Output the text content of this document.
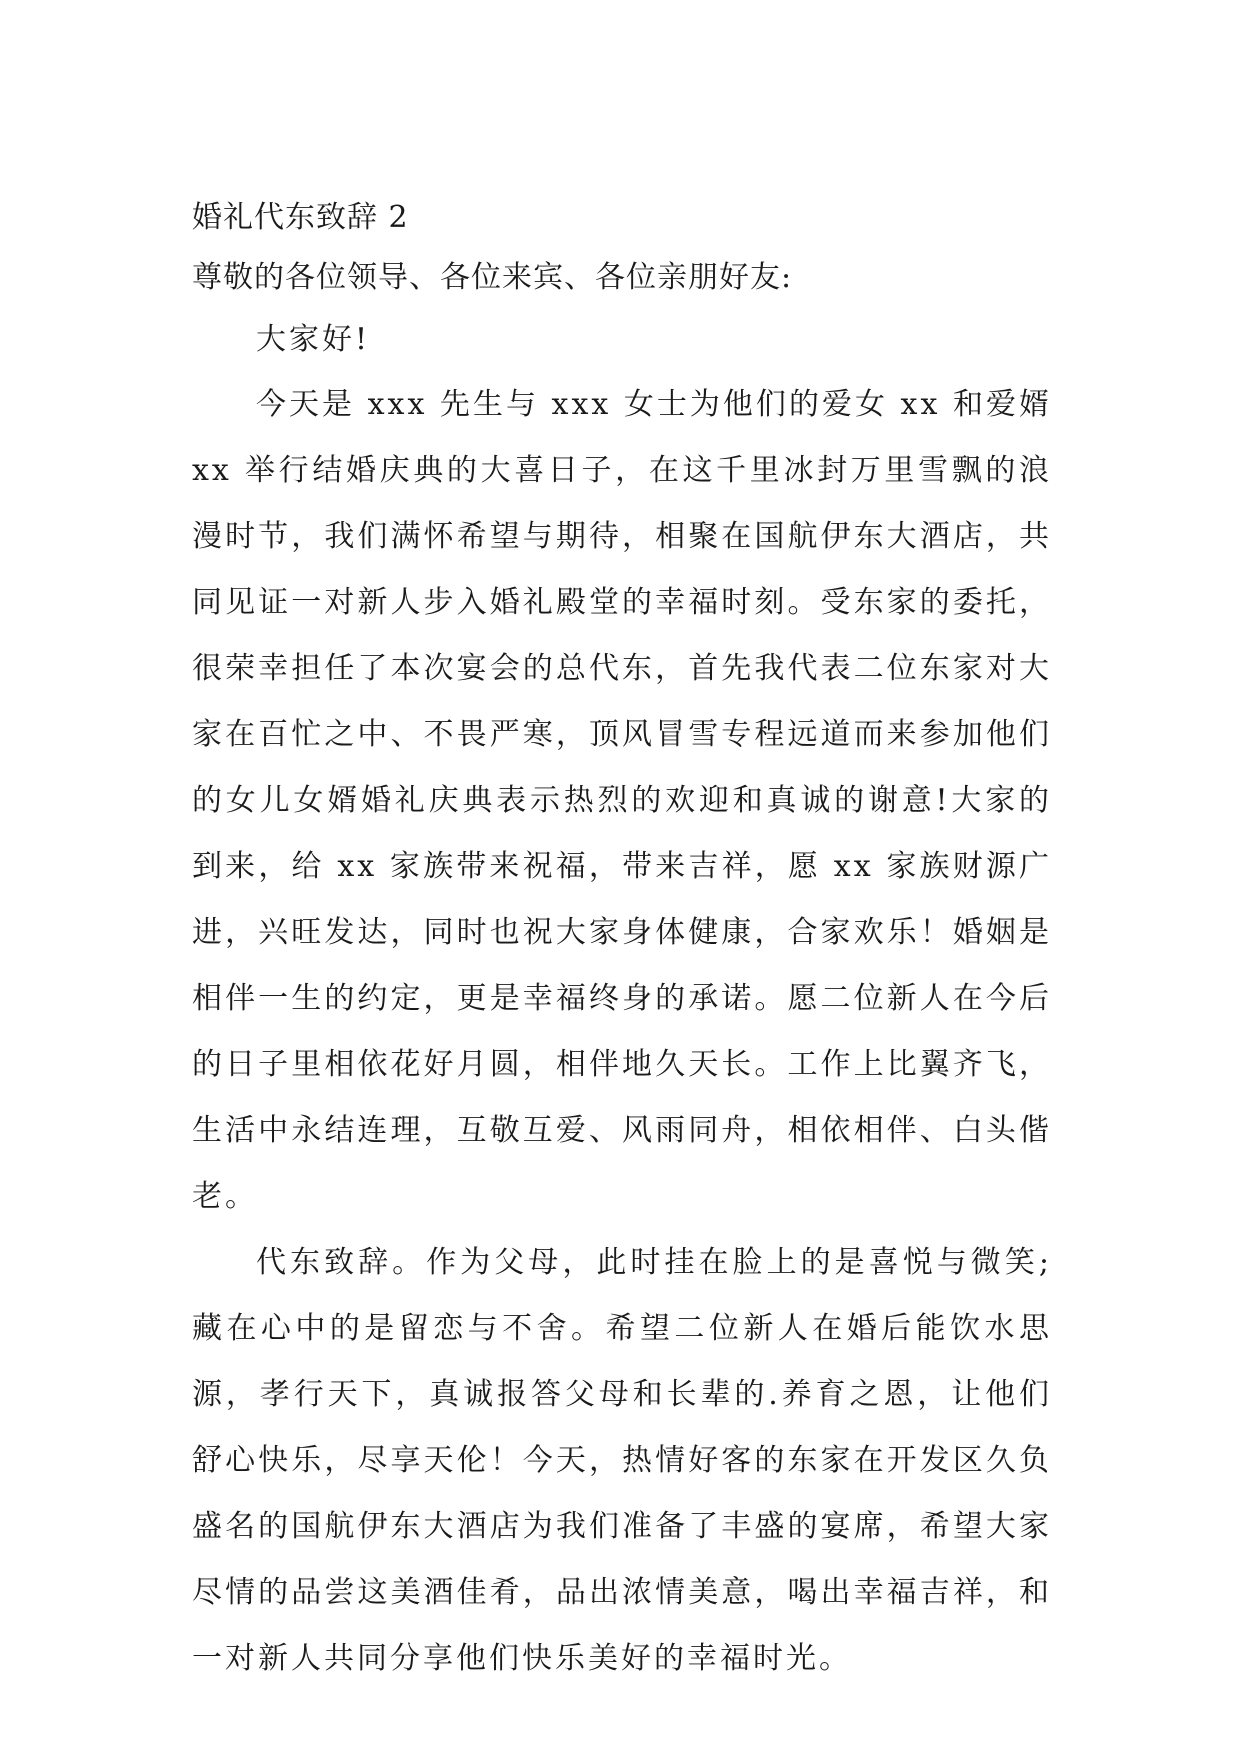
婚礼代东致辞 2
尊敬的各位领导、各位来宾、各位亲朋好友:

大家好!

今天是 xxx 先生与 xxx 女士为他们的爱女 xx 和爱婿 xx 举行结婚庆典的大喜日子，在这千里冰封万里雪飘的浪漫时节，我们满怀希望与期待，相聚在国航伊东大酒店，共同见证一对新人步入婚礼殿堂的幸福时刻。受东家的委托，很荣幸担任了本次宴会的总代东，首先我代表二位东家对大家在百忙之中、不畏严寒，顶风冒雪专程远道而来参加他们的女儿女婿婚礼庆典表示热烈的欢迎和真诚的谢意!大家的到来，给 xx 家族带来祝福，带来吉祥，愿 xx 家族财源广进，兴旺发达，同时也祝大家身体健康，合家欢乐！婚姻是相伴一生的约定，更是幸福终身的承诺。愿二位新人在今后的日子里相依花好月圆，相伴地久天长。工作上比翼齐飞，生活中永结连理，互敬互爱、风雨同舟，相依相伴、白头偕老。

代东致辞。作为父母，此时挂在脸上的是喜悦与微笑;藏在心中的是留恋与不舍。希望二位新人在婚后能饮水思源，孝行天下，真诚报答父母和长辈的.养育之恩，让他们舒心快乐，尽享天伦！今天，热情好客的东家在开发区久负盛名的国航伊东大酒店为我们准备了丰盛的宴席，希望大家尽情的品尝这美酒佳肴，品出浓情美意，喝出幸福吉祥，和一对新人共同分享他们快乐美好的幸福时光。
